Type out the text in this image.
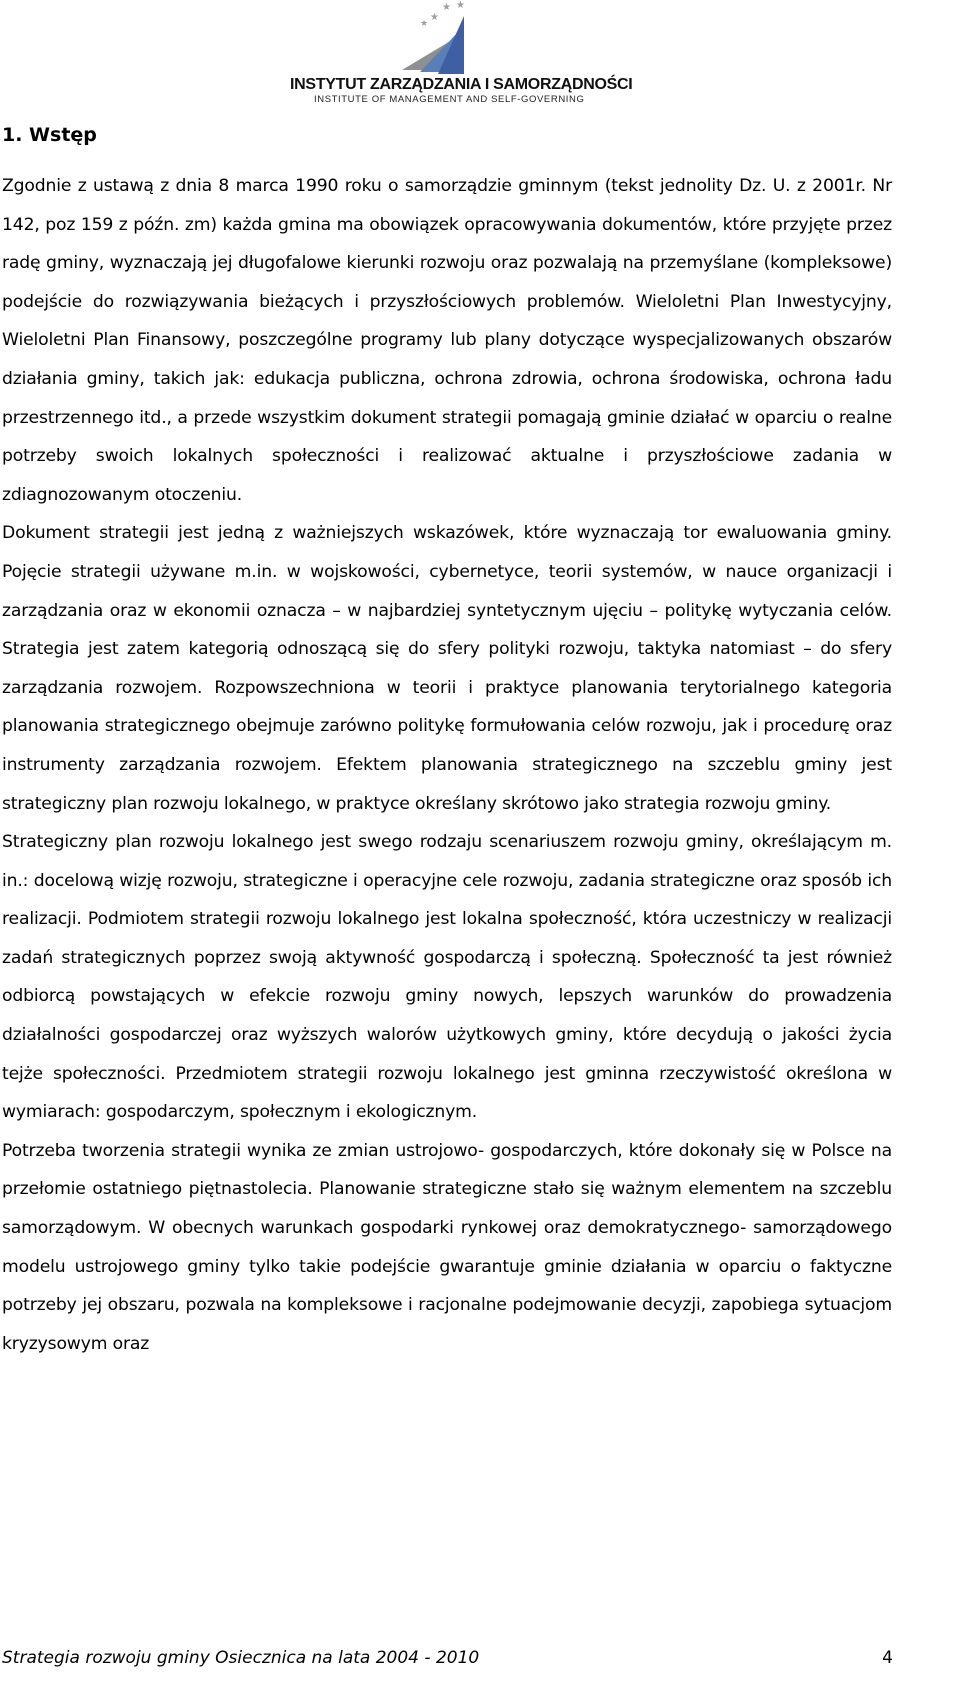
★ ★
★
★
INSTYTUT ZARZĄDZANIA I SAMORZĄDNOŚCI
INSTITUTE OF MANAGEMENT AND SELF-GOVERNING
1. Wstęp

Zgodnie z ustawą z dnia 8 marca 1990 roku o samorządzie gminnym (tekst jednolity Dz. U. z 2001r. Nr 142, poz 159 z późn. zm) każda gmina ma obowiązek opracowywania dokumentów, które przyjęte przez radę gminy, wyznaczają jej długofalowe kierunki rozwoju oraz pozwalają na przemyślane (kompleksowe) podejście do rozwiązywania bieżących i przyszłościowych problemów. Wieloletni Plan Inwestycyjny, Wieloletni Plan Finansowy, poszczególne programy lub plany dotyczące wyspecjalizowanych obszarów działania gminy, takich jak: edukacja publiczna, ochrona zdrowia, ochrona środowiska, ochrona ładu przestrzennego itd., a przede wszystkim dokument strategii pomagają gminie działać w oparciu o realne potrzeby swoich lokalnych społeczności i realizować aktualne i przyszłościowe zadania w zdiagnozowanym otoczeniu.

Dokument strategii jest jedną z ważniejszych wskazówek, które wyznaczają tor ewaluowania gminy. Pojęcie strategii używane m.in. w wojskowości, cybernetyce, teorii systemów, w nauce organizacji i zarządzania oraz w ekonomii oznacza – w najbardziej syntetycznym ujęciu – politykę wytyczania celów. Strategia jest zatem kategorią odnoszącą się do sfery polityki rozwoju, taktyka natomiast – do sfery zarządzania rozwojem. Rozpowszechniona w teorii i praktyce planowania terytorialnego kategoria planowania strategicznego obejmuje zarówno politykę formułowania celów rozwoju, jak i procedurę oraz instrumenty zarządzania rozwojem. Efektem planowania strategicznego na szczeblu gminy jest strategiczny plan rozwoju lokalnego, w praktyce określany skrótowo jako strategia rozwoju gminy.

Strategiczny plan rozwoju lokalnego jest swego rodzaju scenariuszem rozwoju gminy, określającym m. in.: docelową wizję rozwoju, strategiczne i operacyjne cele rozwoju, zadania strategiczne oraz sposób ich realizacji. Podmiotem strategii rozwoju lokalnego jest lokalna społeczność, która uczestniczy w realizacji zadań strategicznych poprzez swoją aktywność gospodarczą i społeczną. Społeczność ta jest również odbiorcą powstających w efekcie rozwoju gminy nowych, lepszych warunków do prowadzenia działalności gospodarczej oraz wyższych walorów użytkowych gminy, które decydują o jakości życia tejże społeczności. Przedmiotem strategii rozwoju lokalnego jest gminna rzeczywistość określona w wymiarach: gospodarczym, społecznym i ekologicznym.

Potrzeba tworzenia strategii wynika ze zmian ustrojowo- gospodarczych, które dokonały się w Polsce na przełomie ostatniego piętnastolecia. Planowanie strategiczne stało się ważnym elementem na szczeblu samorządowym. W obecnych warunkach gospodarki rynkowej oraz demokratycznego- samorządowego modelu ustrojowego gminy tylko takie podejście gwarantuje gminie działania w oparciu o faktyczne potrzeby jej obszaru, pozwala na kompleksowe i racjonalne podejmowanie decyzji, zapobiega sytuacjom kryzysowym oraz

Strategia rozwoju gminy Osiecznica na lata 2004 - 2010	4
